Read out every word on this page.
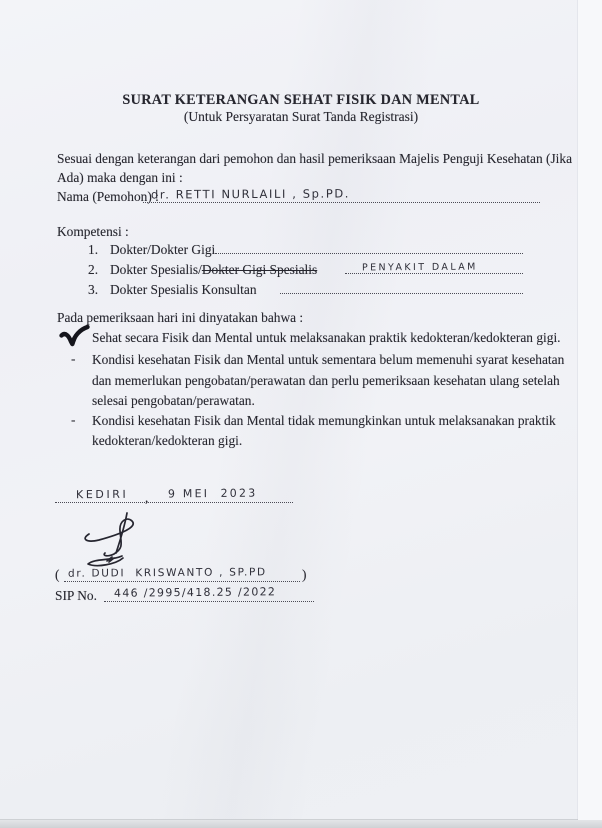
SURAT KETERANGAN SEHAT FISIK DAN MENTAL
(Untuk Persyaratan Surat Tanda Registrasi)
Sesuai dengan keterangan dari pemohon dan hasil pemeriksaan Majelis Penguji Kesehatan (Jika
Ada) maka dengan ini :
Nama (Pemohon) :
dr. RETTI NURLAILI , Sp.PD.
Kompetensi :
1. Dokter/Dokter Gigi
2. Dokter Spesialis/Dokter Gigi Spesialis	PENYAKIT DALAM
3. Dokter Spesialis Konsultan
Pada pemeriksaan hari ini dinyatakan bahwa :
Sehat secara Fisik dan Mental untuk melaksanakan praktik kedokteran/kedokteran gigi.
- Kondisi kesehatan Fisik dan Mental untuk sementara belum memenuhi syarat kesehatan
dan memerlukan pengobatan/perawatan dan perlu pemeriksaan kesehatan ulang setelah
selesai pengobatan/perawatan.
- Kondisi kesehatan Fisik dan Mental tidak memungkinkan untuk melaksanakan praktik
kedokteran/kedokteran gigi.
KEDIRI , 9 MEI  2023
(	)
dr. DUDI  KRISWANTO , SP.PD
SIP No. 446 /2995/418.25 /2022
